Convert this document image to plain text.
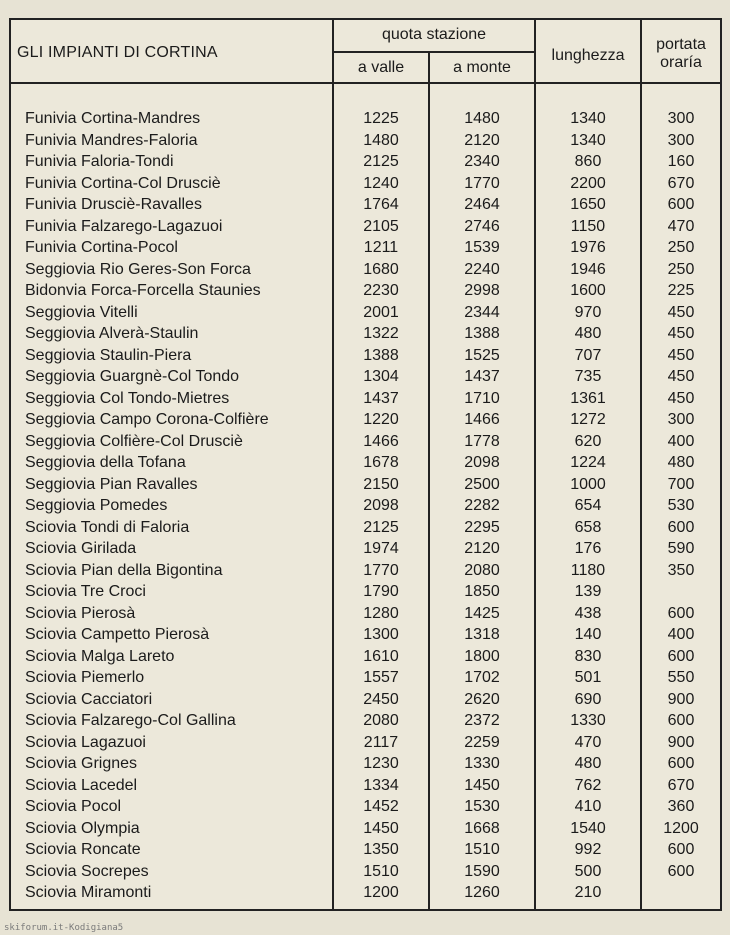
GLI IMPIANTI DI CORTINA
quota stazione
a valle	a monte
lunghezza
portata
oraría
Funivia Cortina-Mandres	1225	1480	1340	300
Funivia Mandres-Faloria	1480	2120	1340	300
Funivia Faloria-Tondi	2125	2340	860	160
Funivia Cortina-Col Drusciè	1240	1770	2200	670
Funivia Drusciè-Ravalles	1764	2464	1650	600
Funivia Falzarego-Lagazuoi	2105	2746	1150	470
Funivia Cortina-Pocol	1211	1539	1976	250
Seggiovia Rio Geres-Son Forca	1680	2240	1946	250
Bidonvia Forca-Forcella Staunies	2230	2998	1600	225
Seggiovia Vitelli	2001	2344	970	450
Seggiovia Alverà-Staulin	1322	1388	480	450
Seggiovia Staulin-Piera	1388	1525	707	450
Seggiovia Guargnè-Col Tondo	1304	1437	735	450
Seggiovia Col Tondo-Mietres	1437	1710	1361	450
Seggiovia Campo Corona-Colfière	1220	1466	1272	300
Seggiovia Colfière-Col Drusciè	1466	1778	620	400
Seggiovia della Tofana	1678	2098	1224	480
Seggiovia Pian Ravalles	2150	2500	1000	700
Seggiovia Pomedes	2098	2282	654	530
Sciovia Tondi di Faloria	2125	2295	658	600
Sciovia Girilada	1974	2120	176	590
Sciovia Pian della Bigontina	1770	2080	1180	350
Sciovia Tre Croci	1790	1850	139
Sciovia Pierosà	1280	1425	438	600
Sciovia Campetto Pierosà	1300	1318	140	400
Sciovia Malga Lareto	1610	1800	830	600
Sciovia Piemerlo	1557	1702	501	550
Sciovia Cacciatori	2450	2620	690	900
Sciovia Falzarego-Col Gallina	2080	2372	1330	600
Sciovia Lagazuoi	2117	2259	470	900
Sciovia Grignes	1230	1330	480	600
Sciovia Lacedel	1334	1450	762	670
Sciovia Pocol	1452	1530	410	360
Sciovia Olympia	1450	1668	1540	1200
Sciovia Roncate	1350	1510	992	600
Sciovia Socrepes	1510	1590	500	600
Sciovia Miramonti	1200	1260	210
skiforum.it-Kodigiana5
